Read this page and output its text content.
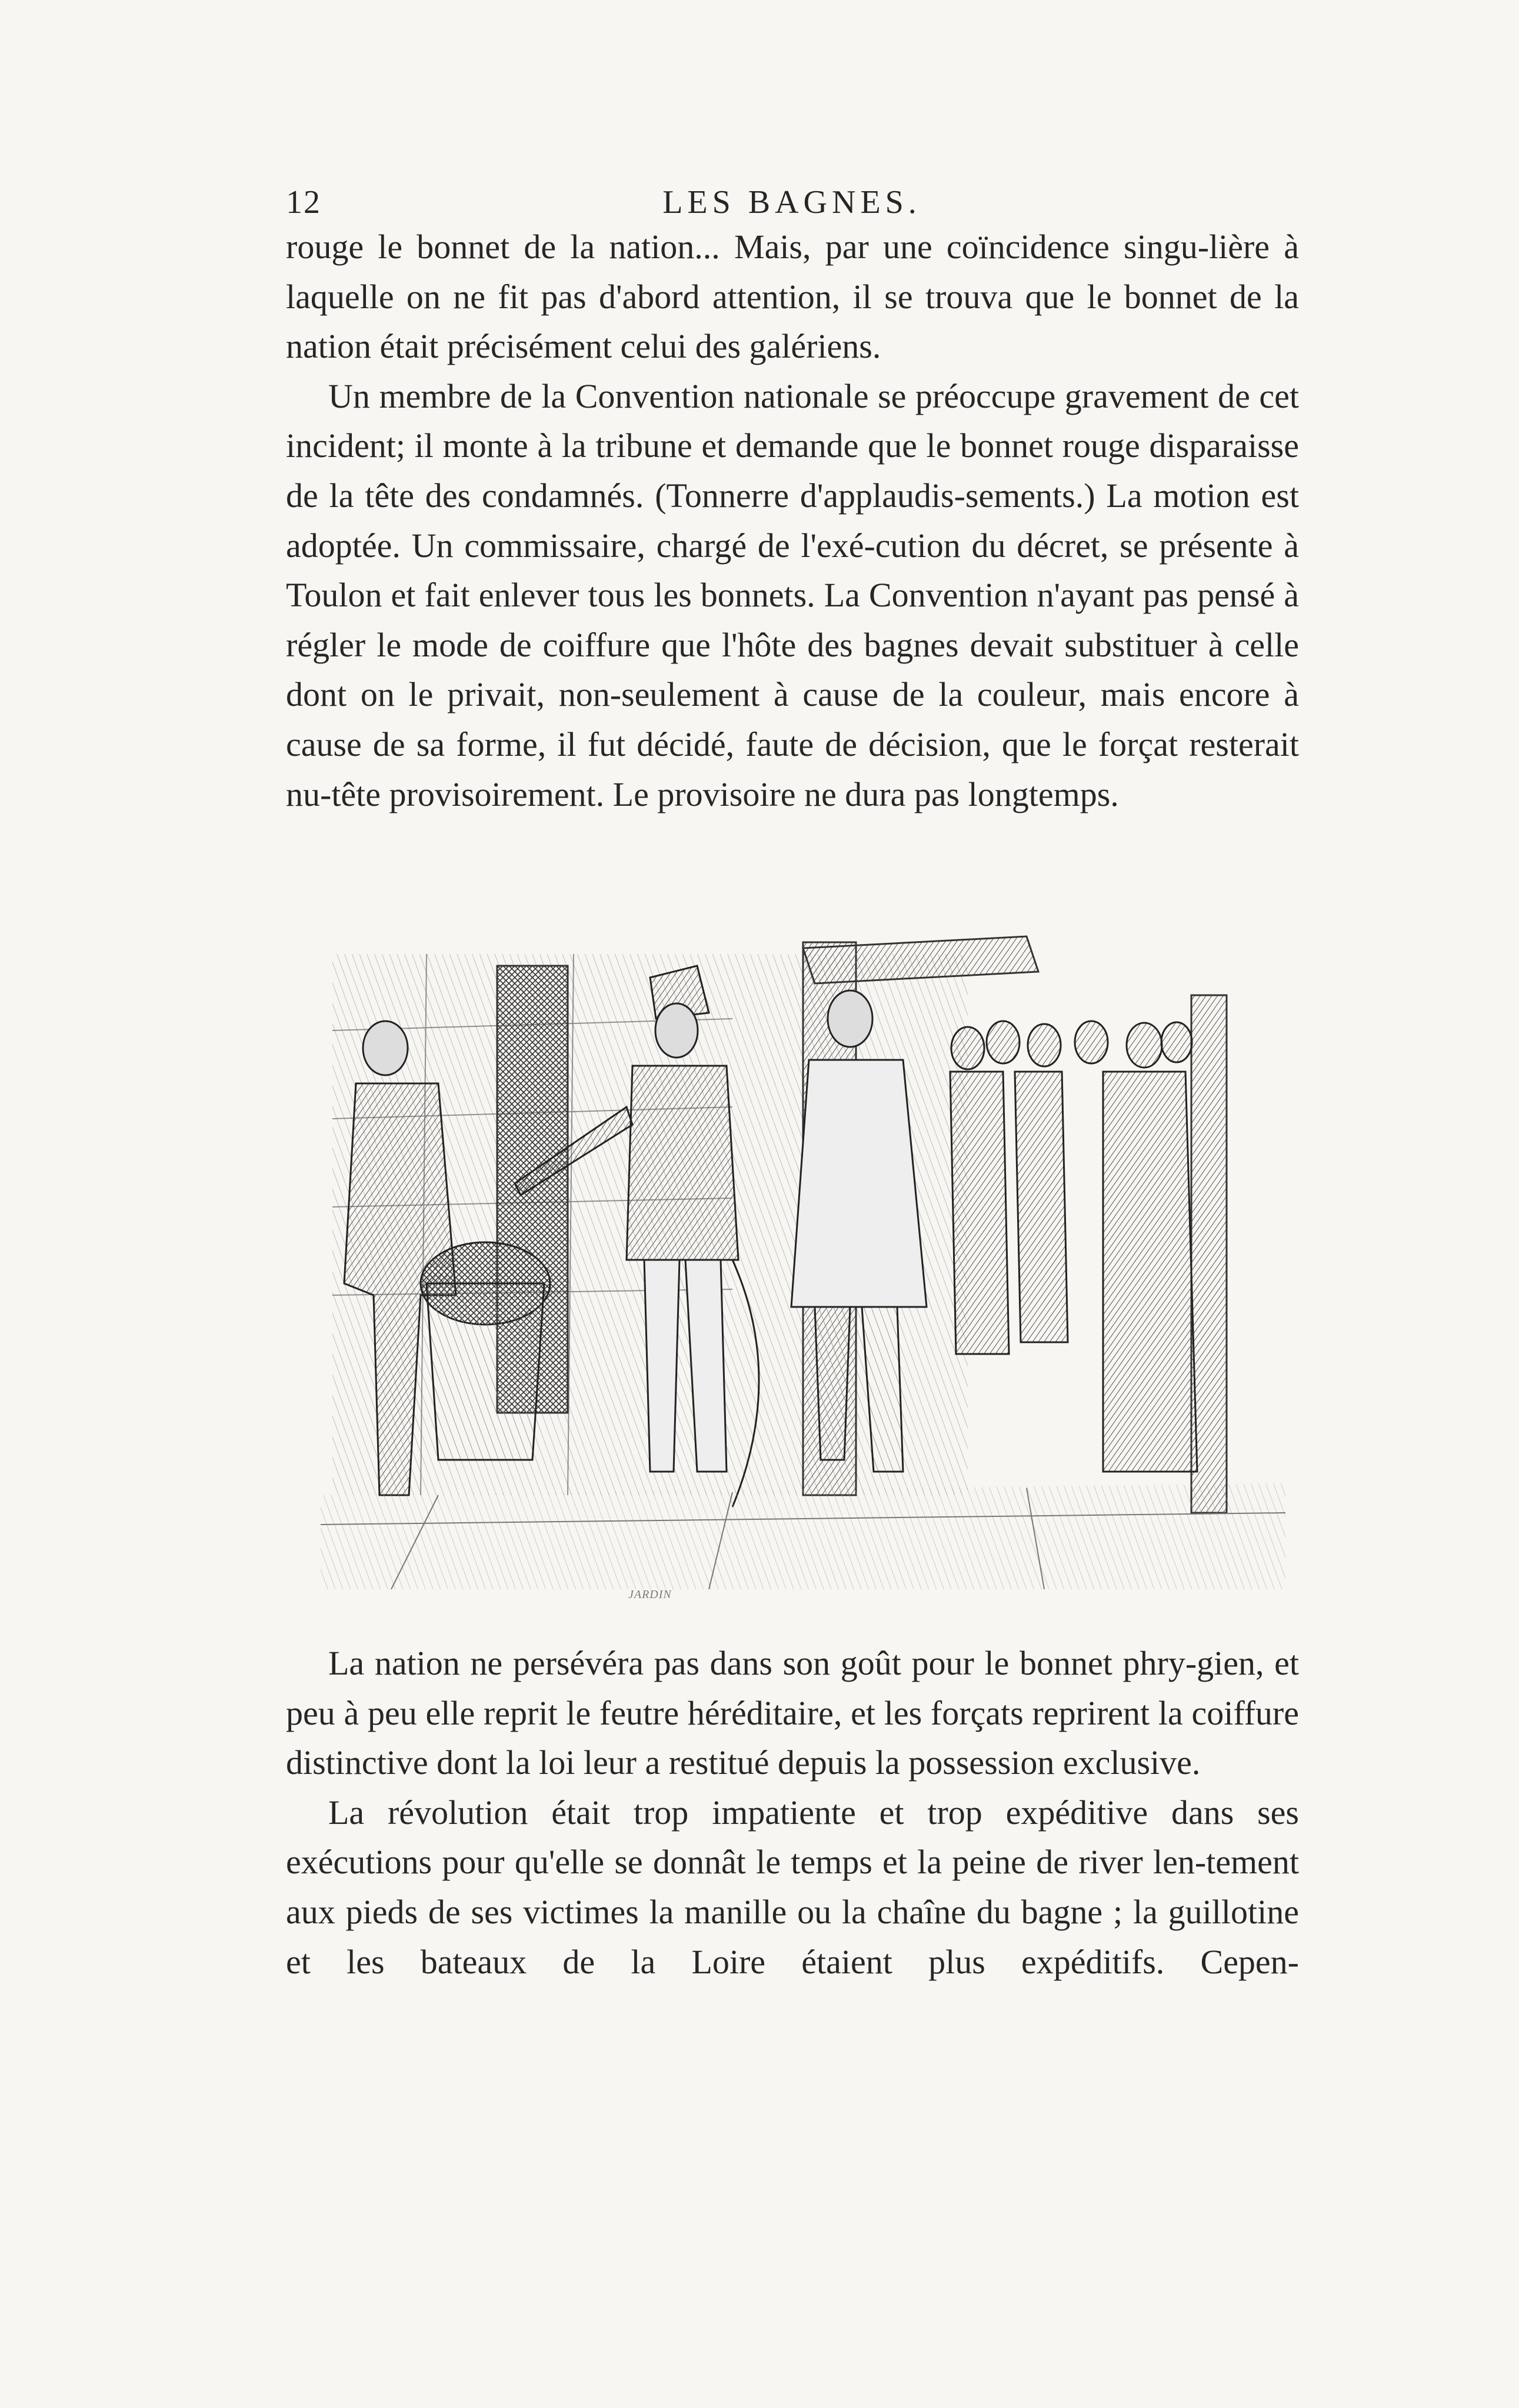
12	LES BAGNES.

rouge le bonnet de la nation... Mais, par une coïncidence singu-lière à laquelle on ne fit pas d'abord attention, il se trouva que le bonnet de la nation était précisément celui des galériens.

Un membre de la Convention nationale se préoccupe gravement de cet incident; il monte à la tribune et demande que le bonnet rouge disparaisse de la tête des condamnés. (Tonnerre d'applaudis-sements.) La motion est adoptée. Un commissaire, chargé de l'exé-cution du décret, se présente à Toulon et fait enlever tous les bonnets. La Convention n'ayant pas pensé à régler le mode de coiffure que l'hôte des bagnes devait substituer à celle dont on le privait, non-seulement à cause de la couleur, mais encore à cause de sa forme, il fut décidé, faute de décision, que le forçat resterait nu-tête provisoirement. Le provisoire ne dura pas longtemps.

JARDIN

La nation ne persévéra pas dans son goût pour le bonnet phry-gien, et peu à peu elle reprit le feutre héréditaire, et les forçats reprirent la coiffure distinctive dont la loi leur a restitué depuis la possession exclusive.

La révolution était trop impatiente et trop expéditive dans ses exécutions pour qu'elle se donnât le temps et la peine de river len-tement aux pieds de ses victimes la manille ou la chaîne du bagne ; la guillotine et les bateaux de la Loire étaient plus expéditifs. Cepen-
